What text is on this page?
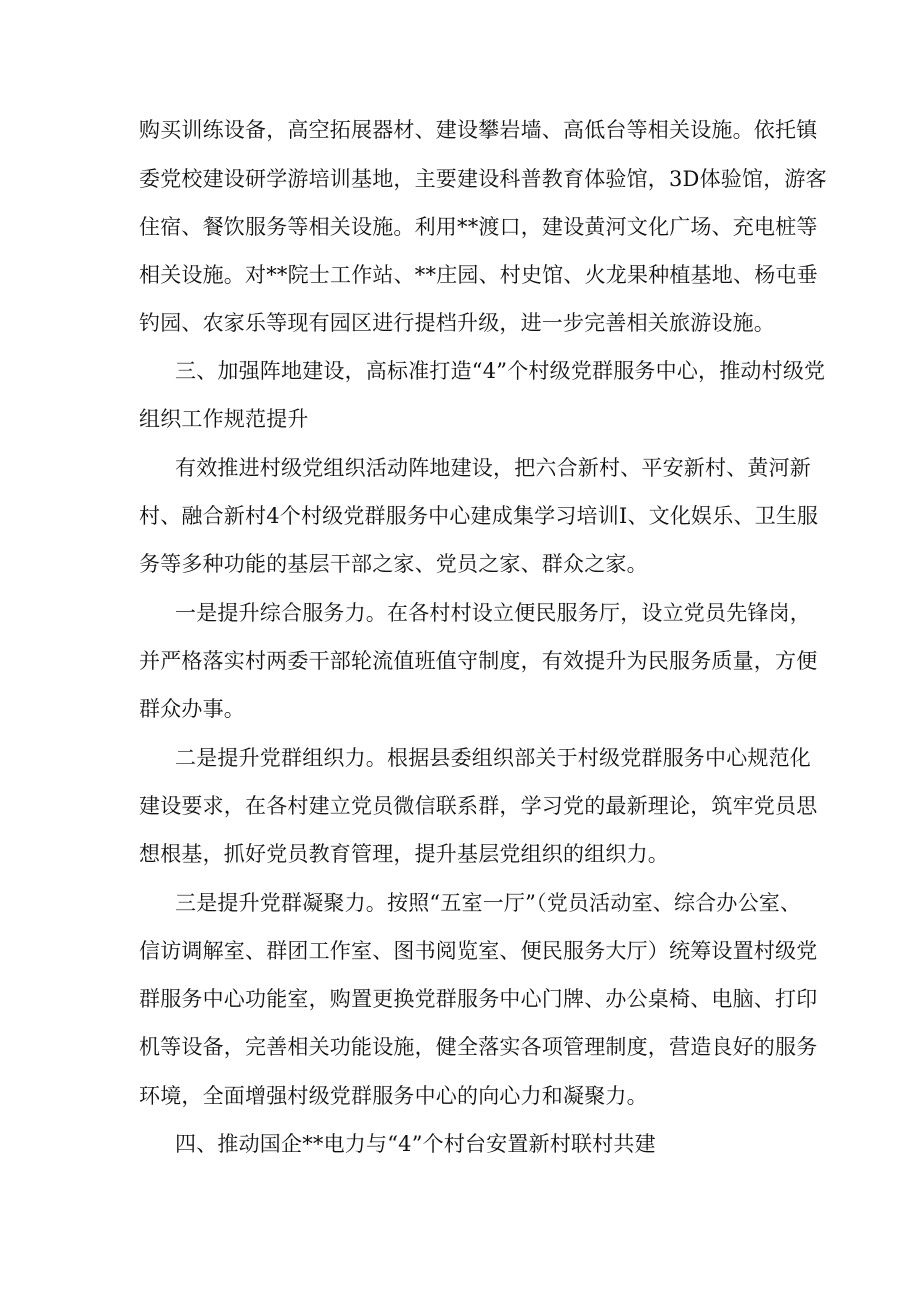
购买训练设备，高空拓展器材、建设攀岩墙、高低台等相关设施。依托镇
委党校建设研学游培训基地，主要建设科普教育体验馆，3D体验馆，游客
住宿、餐饮服务等相关设施。利用**渡口，建设黄河文化广场、充电桩等
相关设施。对**院士工作站、**庄园、村史馆、火龙果种植基地、杨屯垂
钓园、农家乐等现有园区进行提档升级，进一步完善相关旅游设施。
三、加强阵地建设，高标准打造“4”个村级党群服务中心，推动村级党
组织工作规范提升
有效推进村级党组织活动阵地建设，把六合新村、平安新村、黄河新
村、融合新村4个村级党群服务中心建成集学习培训I、文化娱乐、卫生服
务等多种功能的基层干部之家、党员之家、群众之家。
一是提升综合服务力。在各村村设立便民服务厅，设立党员先锋岗，
并严格落实村两委干部轮流值班值守制度，有效提升为民服务质量，方便
群众办事。
二是提升党群组织力。根据县委组织部关于村级党群服务中心规范化
建设要求，在各村建立党员微信联系群，学习党的最新理论，筑牢党员思
想根基，抓好党员教育管理，提升基层党组织的组织力。
三是提升党群凝聚力。按照“五室一厅”（党员活动室、综合办公室、
信访调解室、群团工作室、图书阅览室、便民服务大厅）统筹设置村级党
群服务中心功能室，购置更换党群服务中心门牌、办公桌椅、电脑、打印
机等设备，完善相关功能设施，健全落实各项管理制度，营造良好的服务
环境，全面增强村级党群服务中心的向心力和凝聚力。
四、推动国企**电力与“4”个村台安置新村联村共建
